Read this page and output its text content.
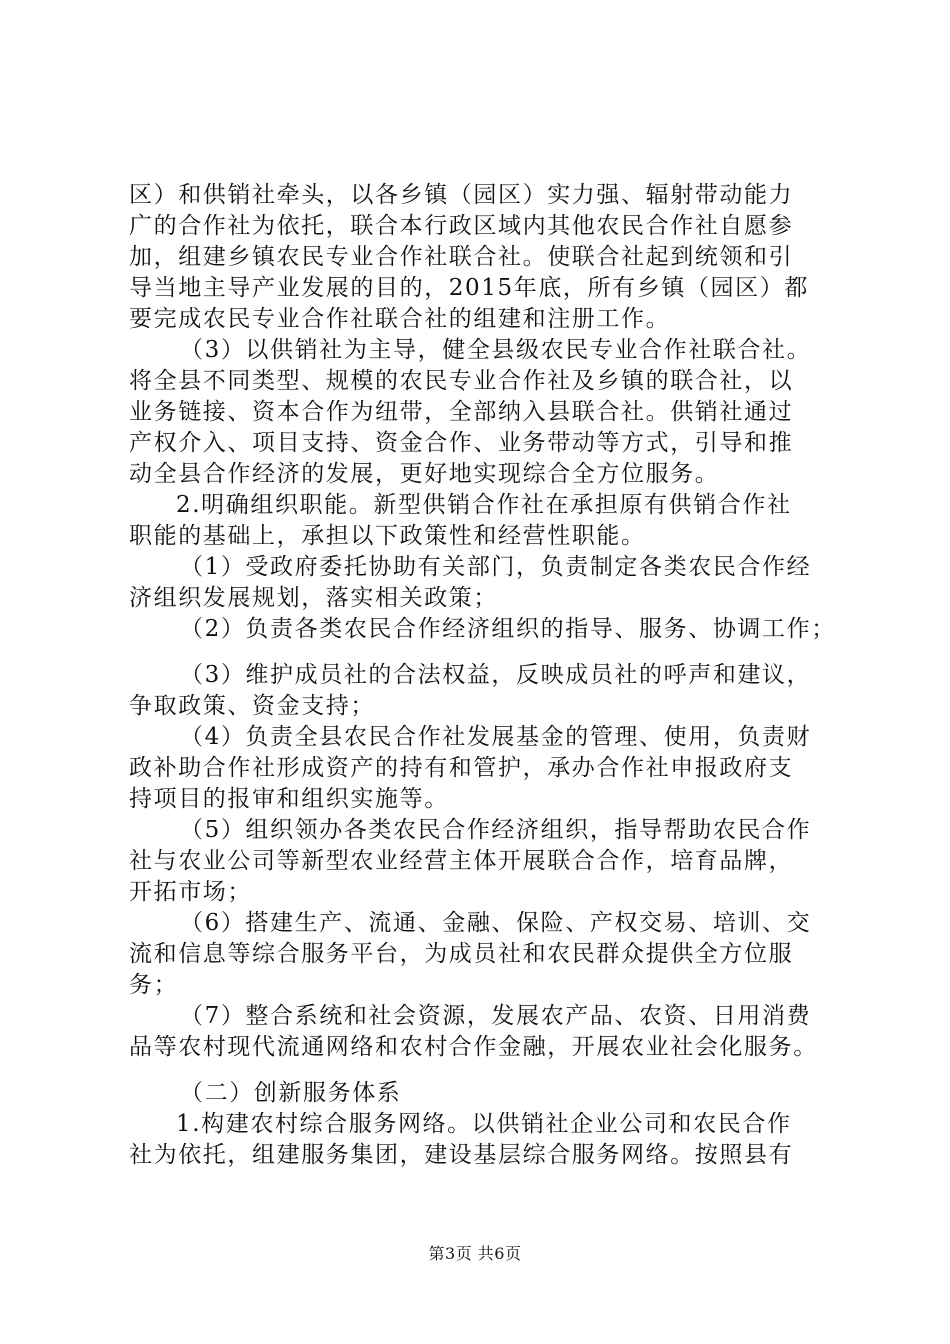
区）和供销社牵头，以各乡镇（园区）实力强、辐射带动能力
广的合作社为依托，联合本行政区域内其他农民合作社自愿参
加，组建乡镇农民专业合作社联合社。使联合社起到统领和引
导当地主导产业发展的目的，2015年底，所有乡镇（园区）都
要完成农民专业合作社联合社的组建和注册工作。
（3）以供销社为主导，健全县级农民专业合作社联合社。
将全县不同类型、规模的农民专业合作社及乡镇的联合社，以
业务链接、资本合作为纽带，全部纳入县联合社。供销社通过
产权介入、项目支持、资金合作、业务带动等方式，引导和推
动全县合作经济的发展，更好地实现综合全方位服务。
2.明确组织职能。新型供销合作社在承担原有供销合作社
职能的基础上，承担以下政策性和经营性职能。
（1）受政府委托协助有关部门，负责制定各类农民合作经
济组织发展规划，落实相关政策；
（2）负责各类农民合作经济组织的指导、服务、协调工作；
（3）维护成员社的合法权益，反映成员社的呼声和建议，
争取政策、资金支持；
（4）负责全县农民合作社发展基金的管理、使用，负责财
政补助合作社形成资产的持有和管护，承办合作社申报政府支
持项目的报审和组织实施等。
（5）组织领办各类农民合作经济组织，指导帮助农民合作
社与农业公司等新型农业经营主体开展联合合作，培育品牌，
开拓市场；
（6）搭建生产、流通、金融、保险、产权交易、培训、交
流和信息等综合服务平台，为成员社和农民群众提供全方位服
务；
（7）整合系统和社会资源，发展农产品、农资、日用消费
品等农村现代流通网络和农村合作金融，开展农业社会化服务。
（二）创新服务体系
1.构建农村综合服务网络。以供销社企业公司和农民合作
社为依托，组建服务集团，建设基层综合服务网络。按照县有
第3页 共6页
